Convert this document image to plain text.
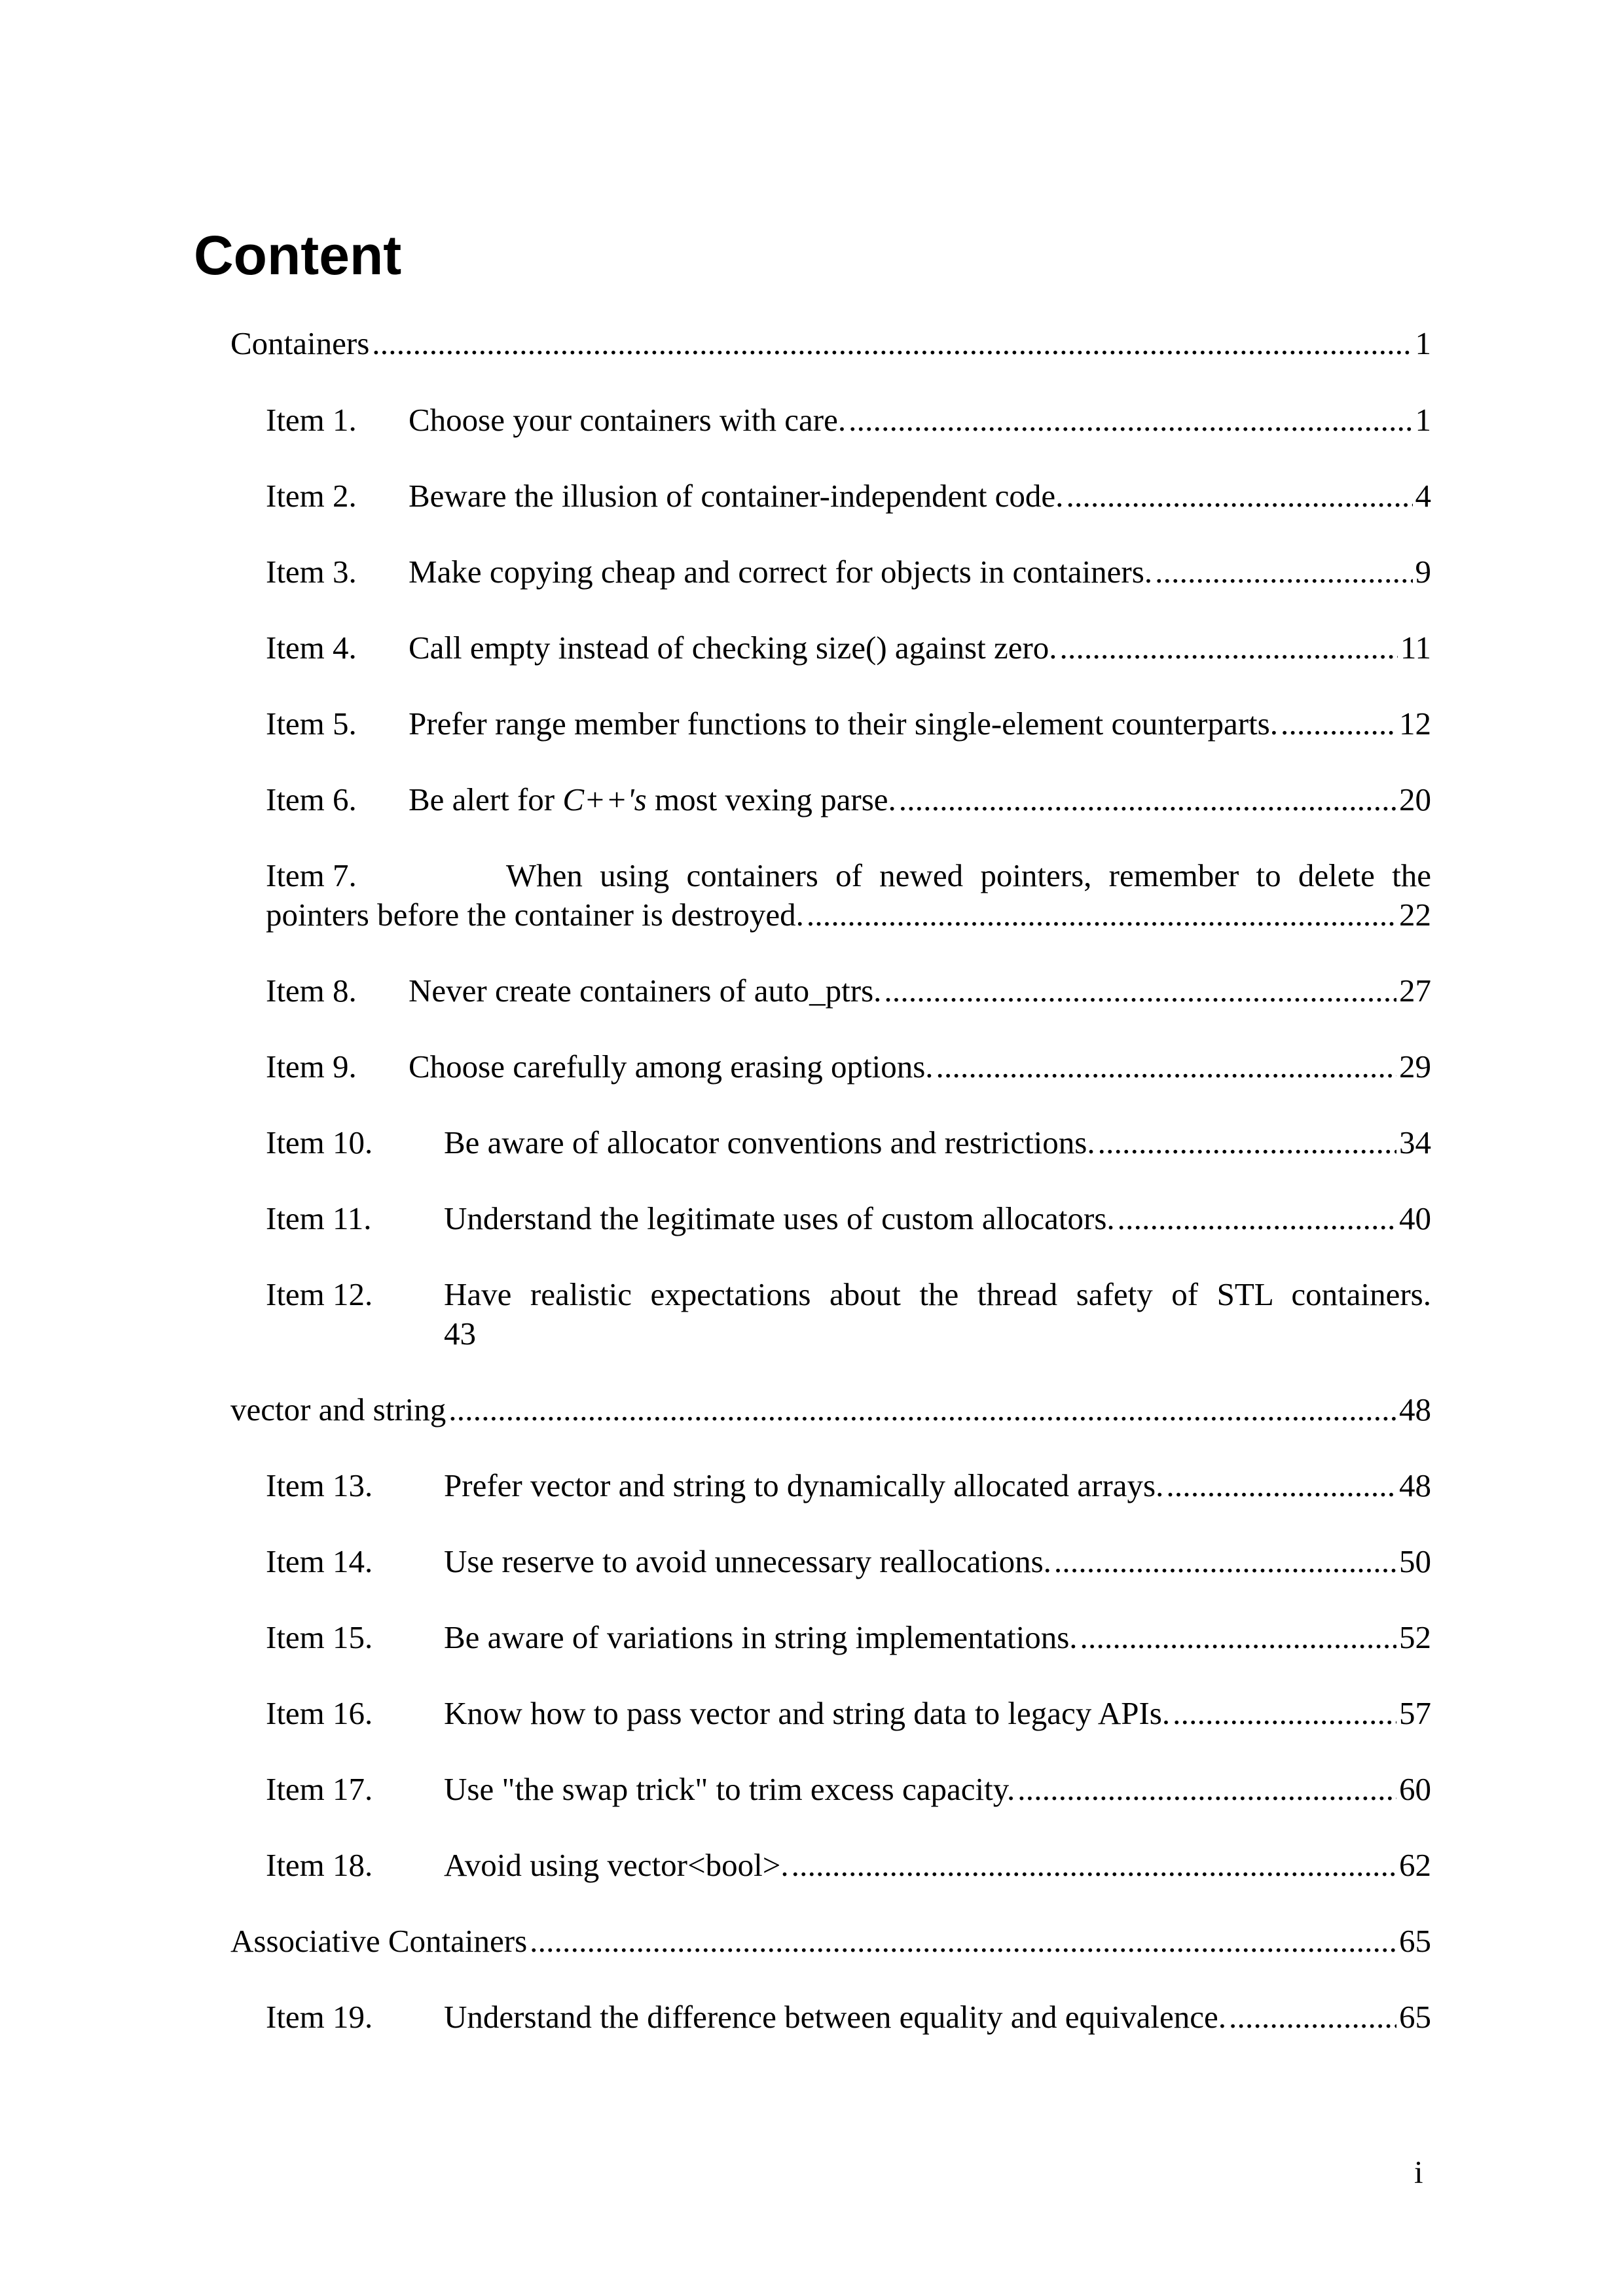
Content
Containers . . .	1
Item 1.	Choose your containers with care. . . .	1
Item 2.	Beware the illusion of container-independent code. . . .	4
Item 3.	Make copying cheap and correct for objects in containers. . . .	9
Item 4.	Call empty instead of checking size() against zero. . . .	11
Item 5.	Prefer range member functions to their single-element counterparts. . . .	12
Item 6.	Be alert for C++'s most vexing parse. . . .	20
Item 7.	When using containers of newed pointers, remember to delete the
pointers before the container is destroyed. . . .	22
Item 8.	Never create containers of auto_ptrs. . . .	27
Item 9.	Choose carefully among erasing options. . . .	29
Item 10.	Be aware of allocator conventions and restrictions. . . .	34
Item 11.	Understand the legitimate uses of custom allocators. . . .	40
Item 12.	Have realistic expectations about the thread safety of STL containers.
43
vector and string . . .	48
Item 13.	Prefer vector and string to dynamically allocated arrays. . . .	48
Item 14.	Use reserve to avoid unnecessary reallocations. . . .	50
Item 15.	Be aware of variations in string implementations. . . .	52
Item 16.	Know how to pass vector and string data to legacy APIs. . . .	57
Item 17.	Use "the swap trick" to trim excess capacity. . . .	60
Item 18.	Avoid using vector<bool>. . . .	62
Associative Containers . . .	65
Item 19.	Understand the difference between equality and equivalence. . . .	65
i
